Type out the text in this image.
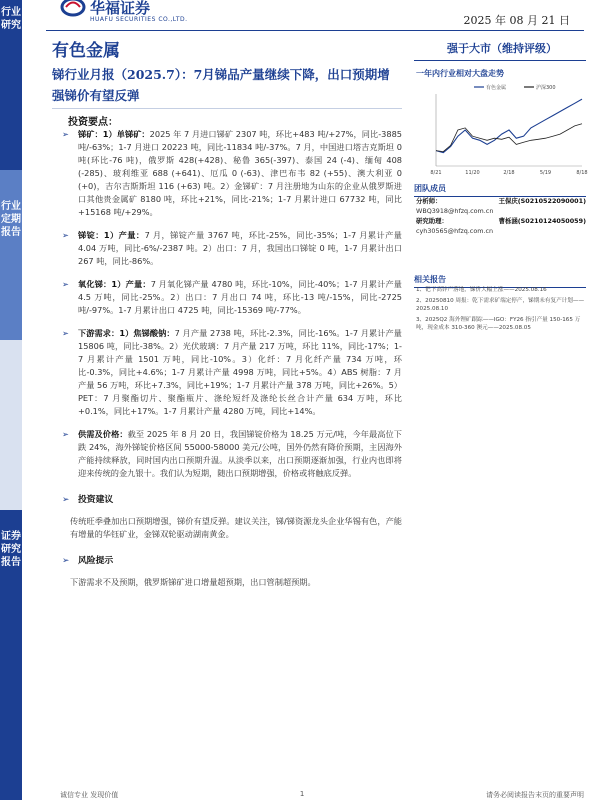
行业研究
行业定期报告
证券研究报告
华福证券
HUAFU SECURITIES CO.,LTD.	2025 年 08 月 21 日
有色金属
锑行业月报（2025.7）：7月锑品产量继续下降，出口预期增强锑价有望反弹
投资要点：
➢ 锑矿：1）单锑矿：2025 年 7 月进口锑矿 2307 吨，环比+483 吨/+27%，同比-3885 吨/-63%；1-7 月进口 20223 吨，同比-11834 吨/-37%。7 月，中国进口塔吉克斯坦 0 吨(环比-76 吨)，俄罗斯 428(+428)、秘鲁 365(-397)、泰国 24 (-4)、缅甸 408 (-285)、玻利维亚 688 (+641)、厄瓜 0 (-63)、津巴布韦 82 (+55)、澳大利亚 0 (+0)，吉尔吉斯斯坦 116 (+63) 吨。2）金锑矿：7 月注册地为山东的企业从俄罗斯进口其他贵金属矿 8180 吨，环比+21%，同比-21%；1-7 月累计进口 67732 吨，同比+15168 吨/+29%。
➢ 锑锭：1）产量：7 月，锑锭产量 3767 吨，环比-25%，同比-35%；1-7 月累计产量 4.04 万吨，同比-6%/-2387 吨。2）出口：7 月，我国出口锑锭 0 吨，1-7 月累计出口 267 吨，同比-86%。
➢ 氧化锑：1）产量：7 月氧化锑产量 4780 吨，环比-10%，同比-40%；1-7 月累计产量 4.5 万吨，同比-25%。2）出口：7 月出口 74 吨，环比-13 吨/-15%，同比-2725 吨/-97%。1-7 月累计出口 4725 吨，同比-15369 吨/-77%。
➢ 下游需求：1）焦锑酸钠：7 月产量 2738 吨，环比-2.3%，同比-16%。1-7 月累计产量 15806 吨，同比-38%。2）光伏玻璃：7 月产量 217 万吨，环比 11%，同比-17%；1-7 月累计产量 1501 万吨，同比-10%。3）化纤：7 月化纤产量 734 万吨，环比-0.3%，同比+4.6%；1-7 月累计产量 4998 万吨，同比+5%。4）ABS 树脂：7 月产量 56 万吨，环比+7.3%，同比+19%；1-7 月累计产量 378 万吨，同比+26%。5）PET：7 月聚酯切片、聚酯瓶片、涤纶短纤及涤纶长丝合计产量 634 万吨，环比+0.1%，同比+17%。1-7 月累计产量 4280 万吨，同比+14%。
➢ 供需及价格：截至 2025 年 8 月 20 日，我国锑锭价格为 18.25 万元/吨，今年最高位下跌 24%，海外锑锭价格区间 55000-58000 美元/公吨，国外仍然有降价预期，主因海外产能持续释放，同时国内出口预期升温。从淡季以来，出口预期逐渐加强，行业内也即将迎来传统的金九银十。我们认为短期，随出口预期增强，价格或将触底反弹。
➢ 投资建议
传统旺季叠加出口预期增强，锑价有望反弹。建议关注，锑/锑资源龙头企业华锡有色，产能有增量的华钰矿业，金锑双轮驱动湖南黄金。
➢ 风险提示
下游需求不及预期，俄罗斯锑矿进口增量超预期，出口管制超预期。
强于大市（维持评级）
一年内行业相对大盘走势
有色金属	沪深300
8/21	11/20	2/18	5/19	8/18
团队成员
分析师：	王保庆(S0210522090001)
WBQ3918@hfzq.com.cn
研究助理：	曹栎涵(S0210124050059)
cyh30565@hfzq.com.cn
相关报告
1、钯下高锌产落地，锑价大幅上涨——2025.08.16
2、20250810 周报：乾下需求矿端定停产，锑期未有复产计划——2025.08.10
3、2025Q2 海外锂矿跟踪——IGO：FY26 指引产量 150-165 万吨，现金成本 310-360 澳元——2025.08.05
诚信专业 发现价值	1	请务必阅读报告末页的重要声明
